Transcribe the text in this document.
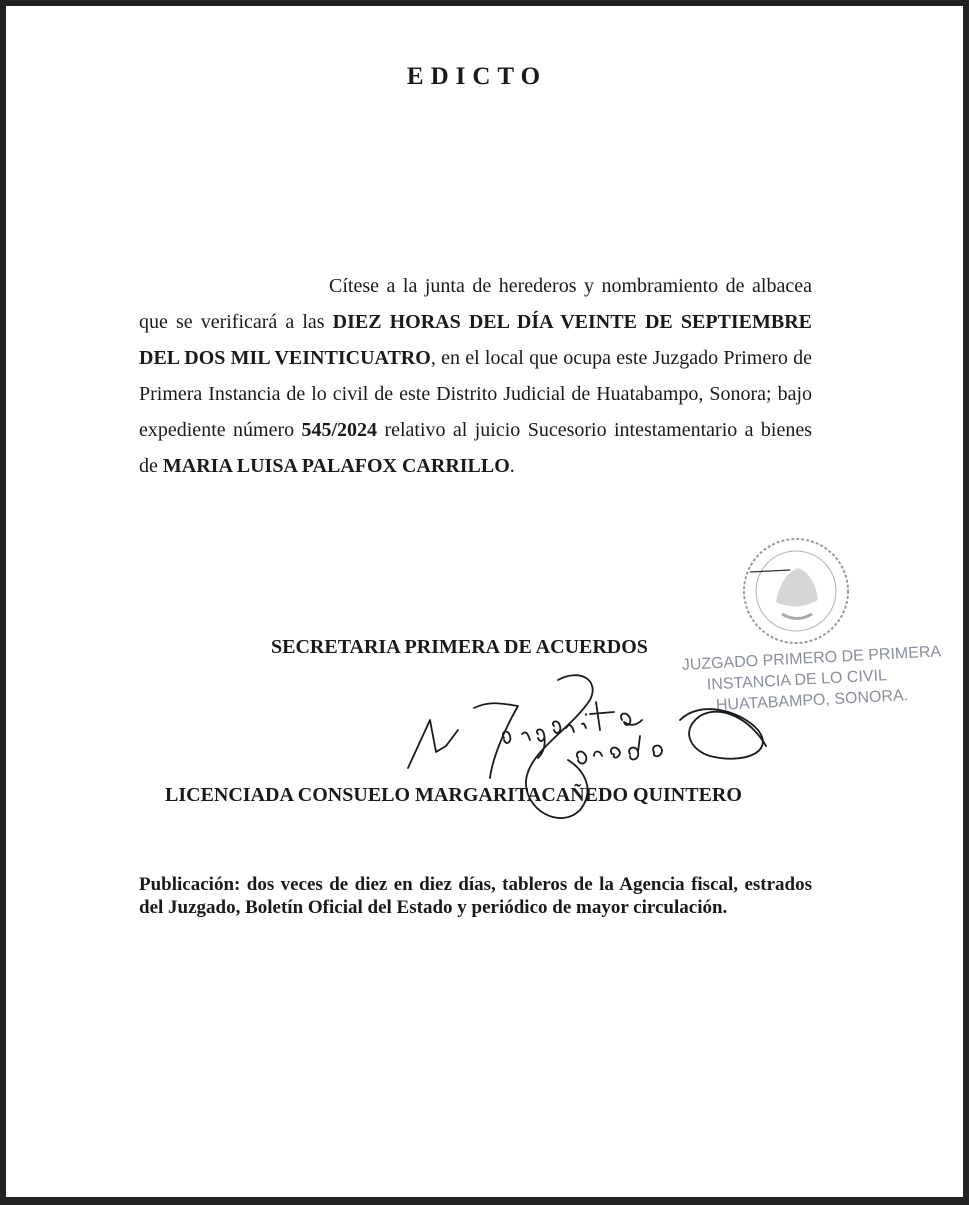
EDICTO
Cítese a la junta de herederos y nombramiento de albacea que se verificará a las DIEZ HORAS DEL DÍA VEINTE DE SEPTIEMBRE DEL DOS MIL VEINTICUATRO, en el local que ocupa este Juzgado Primero de Primera Instancia de lo civil de este Distrito Judicial de Huatabampo, Sonora; bajo expediente número 545/2024 relativo al juicio Sucesorio intestamentario a bienes de MARIA LUISA PALAFOX CARRILLO.
JUZGADO PRIMERO DE PRIMERA
INSTANCIA DE LO CIVIL
HUATABAMPO, SONORA.
SECRETARIA PRIMERA DE ACUERDOS
LICENCIADA CONSUELO MARGARITACAÑEDO QUINTERO
Publicación: dos veces de diez en diez días, tableros de la Agencia fiscal, estrados del Juzgado, Boletín Oficial del Estado y periódico de mayor circulación.
